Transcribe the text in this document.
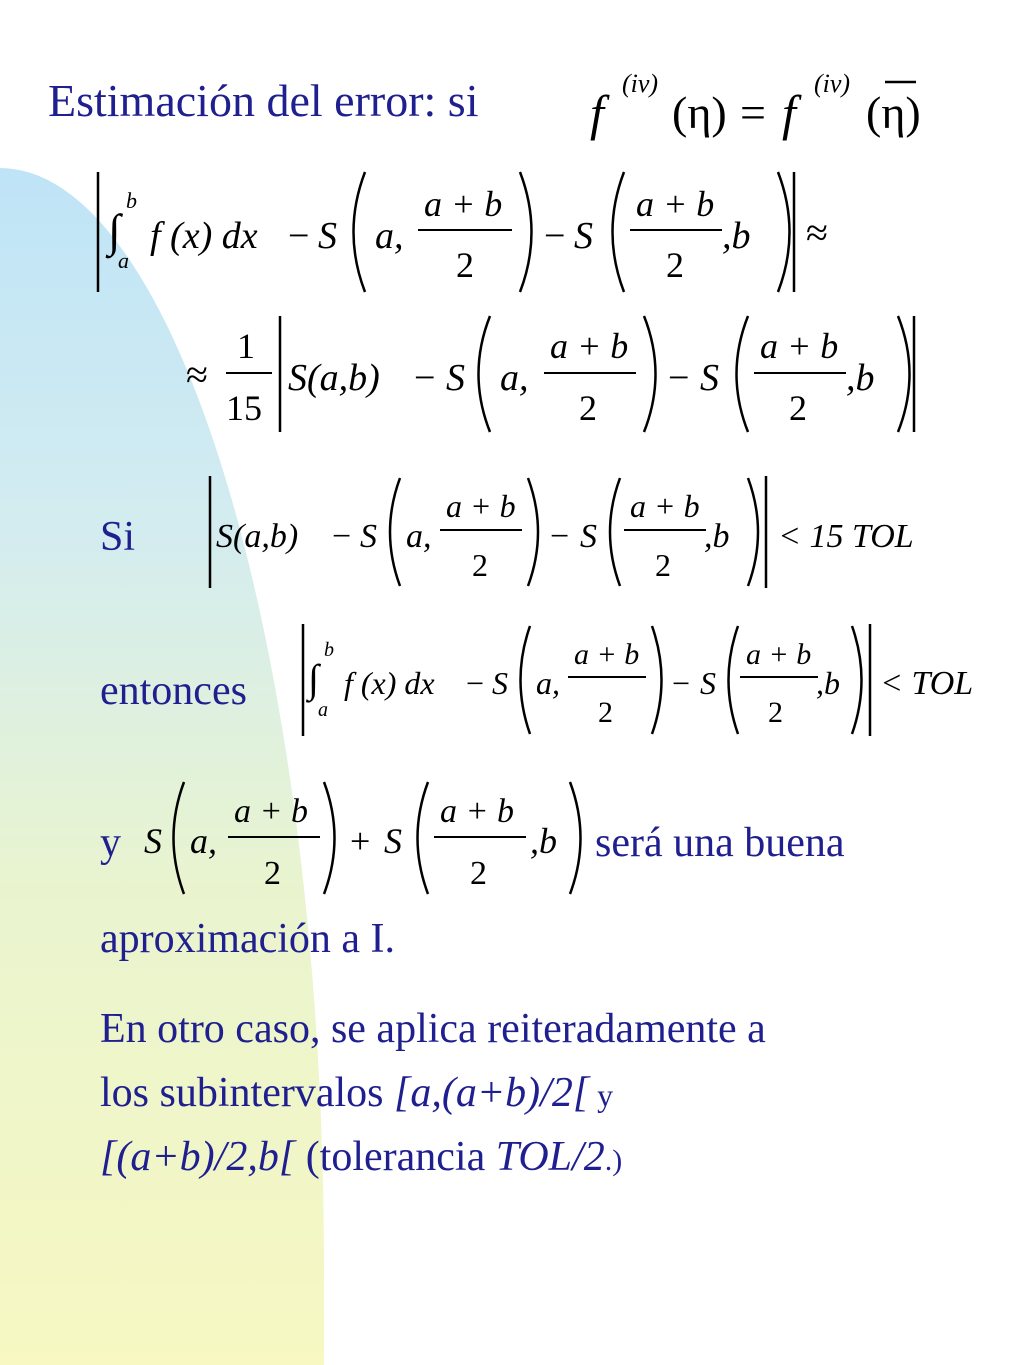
Estimación del error: si
Si
entonces
y	será una buena
aproximación a I.
En otro caso, se aplica reiteradamente a
los subintervalos [a,(a+b)/2[ y
[(a+b)/2,b[ (tolerancia TOL/2.)
f
(iv)
(η) = f
(iv)
(η)
∫
b
a
f (x) dx − S a,
a + b
2
− S
a + b
2
,b ≈
≈
1
15
S(a,b) − S a,
a + b
2
− S
a + b
2
,b
S(a,b) − S a,
a + b
2
− S
a + b
2
,b < 15 TOL
∫
b
a
f (x) dx − S a,
a + b
2
− S
a + b
2
,b < TOL
S a,
a + b
2
+ S
a + b
2
,b
